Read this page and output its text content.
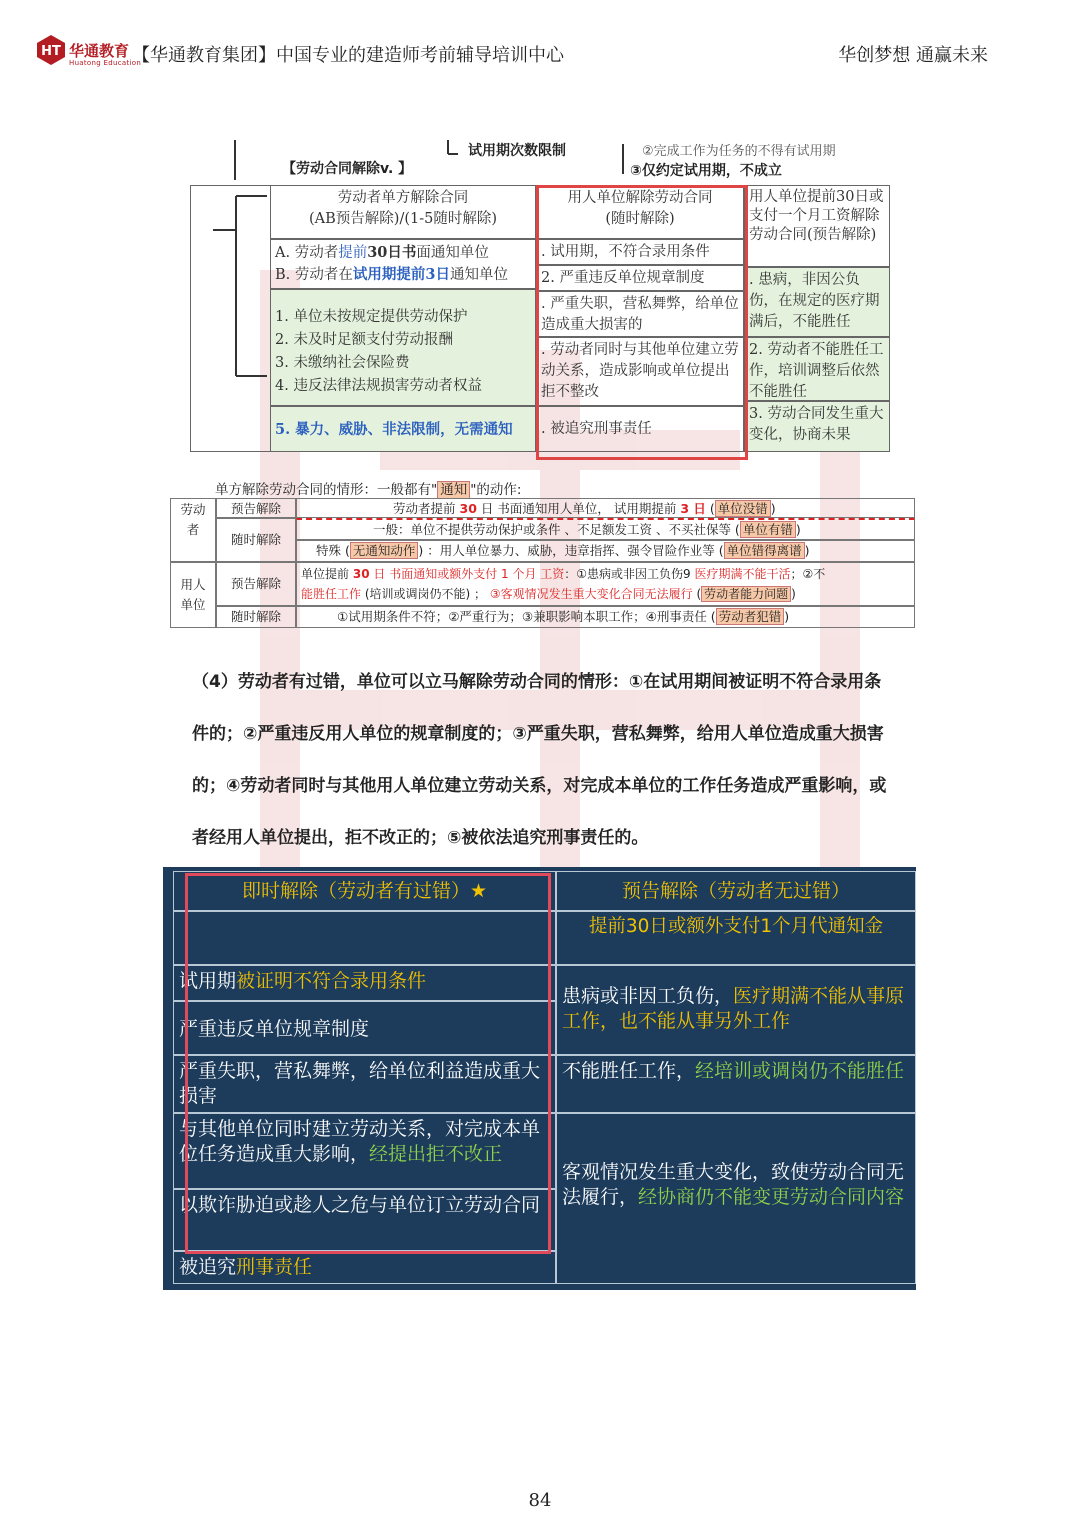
HT 华通教育
Huatong Education
【华通教育集团】中国专业的建造师考前辅导培训中心	华创梦想 通赢未来
试用期次数限制
【劳动合同解除v. 】
②完成工作为任务的不得有试用期
③仅约定试用期，不成立
劳动者单方解除合同
(AB预告解除)/(1-5随时解除)
A. 劳动者提前30日书面通知单位
B. 劳动者在试用期提前3日通知单位
1. 单位未按规定提供劳动保护
2. 未及时足额支付劳动报酬
3. 未缴纳社会保险费
4. 违反法律法规损害劳动者权益
5. 暴力、威胁、非法限制，无需通知
用人单位解除劳动合同
(随时解除)
. 试用期，不符合录用条件
2. 严重违反单位规章制度
. 严重失职，营私舞弊，给单位造成重大损害的
. 劳动者同时与其他单位建立劳动关系，造成影响或单位提出拒不整改
. 被追究刑事责任
用人单位提前30日或支付一个月工资解除劳动合同(预告解除)
. 患病，非因公负伤，在规定的医疗期满后，不能胜任
2. 劳动者不能胜任工作，培训调整后依然不能胜任
3. 劳动合同发生重大变化，协商未果
单方解除劳动合同的情形：一般都有" 通知 "的动作:
劳动者
用人单位
预告解除
随时解除
预告解除
随时解除
劳动者提前 30 日 书面通知用人单位， 试用期提前 3 日 ( 单位没错 )
一般：单位不提供劳动保护或条件 、不足额发工资 、不买社保等 ( 单位有错 )
特殊 ( 无通知动作 ) ：用人单位暴力、威胁，违章指挥、强令冒险作业等 ( 单位错得离谱 )
单位提前 30 日 书面通知或额外支付 1 个月 工资：①患病或非因工负伤9 医疗期满不能干活；②不
能胜任工作 (培训或调岗仍不能) ； ③客观情况发生重大变化合同无法履行 ( 劳动者能力问题 )
①试用期条件不符；②严重行为；③兼职影响本职工作；④刑事责任 ( 劳动者犯错 )
（4）劳动者有过错，单位可以立马解除劳动合同的情形：①在试用期间被证明不符合录用条件的；②严重违反用人单位的规章制度的；③严重失职，营私舞弊，给用人单位造成重大损害的；④劳动者同时与其他用人单位建立劳动关系，对完成本单位的工作任务造成严重影响，或者经用人单位提出，拒不改正的；⑤被依法追究刑事责任的。
即时解除（劳动者有过错）★	预告解除（劳动者无过错）
提前30日或额外支付1个月代通知金
试用期被证明不符合录用条件
严重违反单位规章制度
严重失职，营私舞弊，给单位利益造成重大损害
与其他单位同时建立劳动关系，对完成本单位任务造成重大影响，经提出拒不改正
以欺诈胁迫或趁人之危与单位订立劳动合同
被追究刑事责任
患病或非因工负伤，医疗期满不能从事原工作，也不能从事另外工作
不能胜任工作，经培训或调岗仍不能胜任
客观情况发生重大变化，致使劳动合同无法履行，经协商仍不能变更劳动合同内容
84
